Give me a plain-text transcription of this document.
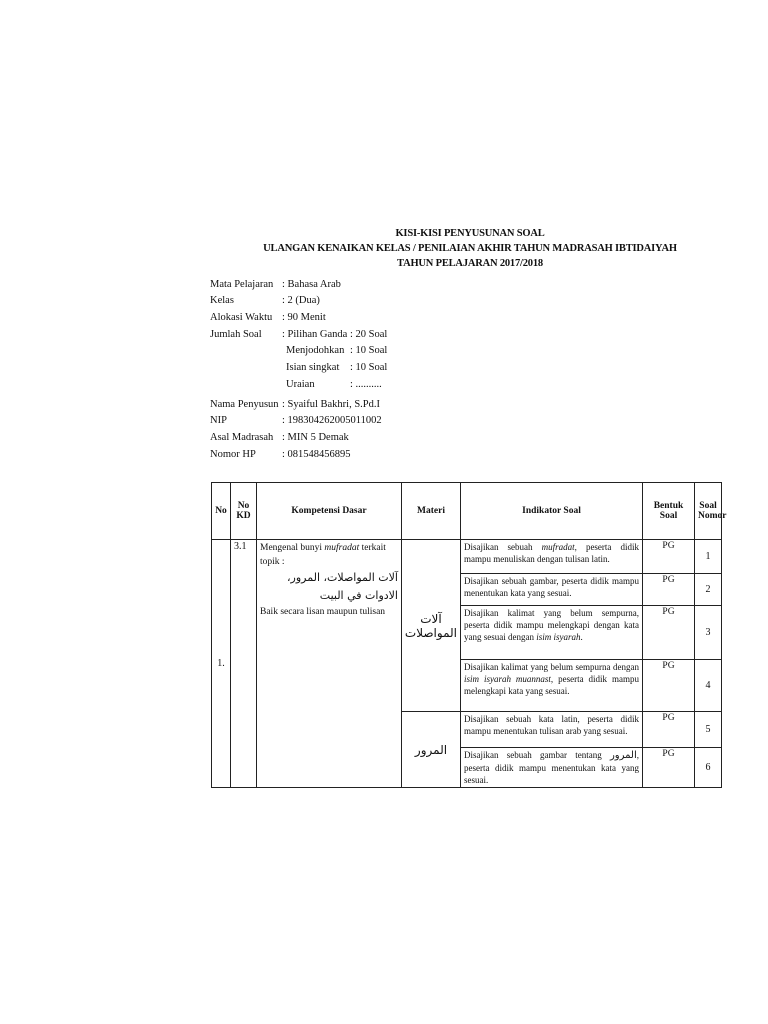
KISI-KISI PENYUSUNAN SOAL
ULANGAN KENAIKAN KELAS / PENILAIAN AKHIR TAHUN MADRASAH IBTIDAIYAH
TAHUN PELAJARAN 2017/2018
Mata Pelajaran : Bahasa Arab
Kelas	: 2 (Dua)
Alokasi Waktu : 90 Menit
Jumlah Soal : Pilihan Ganda : 20 Soal
Menjodohkan : 10 Soal
Isian singkat : 10 Soal
Uraian	: ..........
Nama Penyusun : Syaiful Bakhri, S.Pd.I
NIP	: 198304262005011002
Asal Madrasah : MIN 5 Demak
Nomor HP : 081548456895
No	No KD	Kompetensi Dasar	Materi	Indikator Soal	Bentuk Soal	Soal Nomor
1.	3.1	Mengenal bunyi mufradat terkait topik :
آلات المواصلات، المرور، الادوات في البيت
Baik secara lisan maupun tulisan	آلات المواصلات	Disajikan sebuah mufradat, peserta didik mampu menuliskan dengan tulisan latin.	PG	1
				Disajikan sebuah gambar, peserta didik mampu menentukan kata yang sesuai.	PG	2
				Disajikan kalimat yang belum sempurna, peserta didik mampu melengkapi dengan kata yang sesuai dengan isim isyarah.	PG	3
				Disajikan kalimat yang belum sempurna dengan isim isyarah muannast, peserta didik mampu melengkapi kata yang sesuai.	PG	4
			المرور	Disajikan sebuah kata latin, peserta didik mampu menentukan tulisan arab yang sesuai.	PG	5
				Disajikan sebuah gambar tentang المرور, peserta didik mampu menentukan kata yang sesuai.	PG	6
